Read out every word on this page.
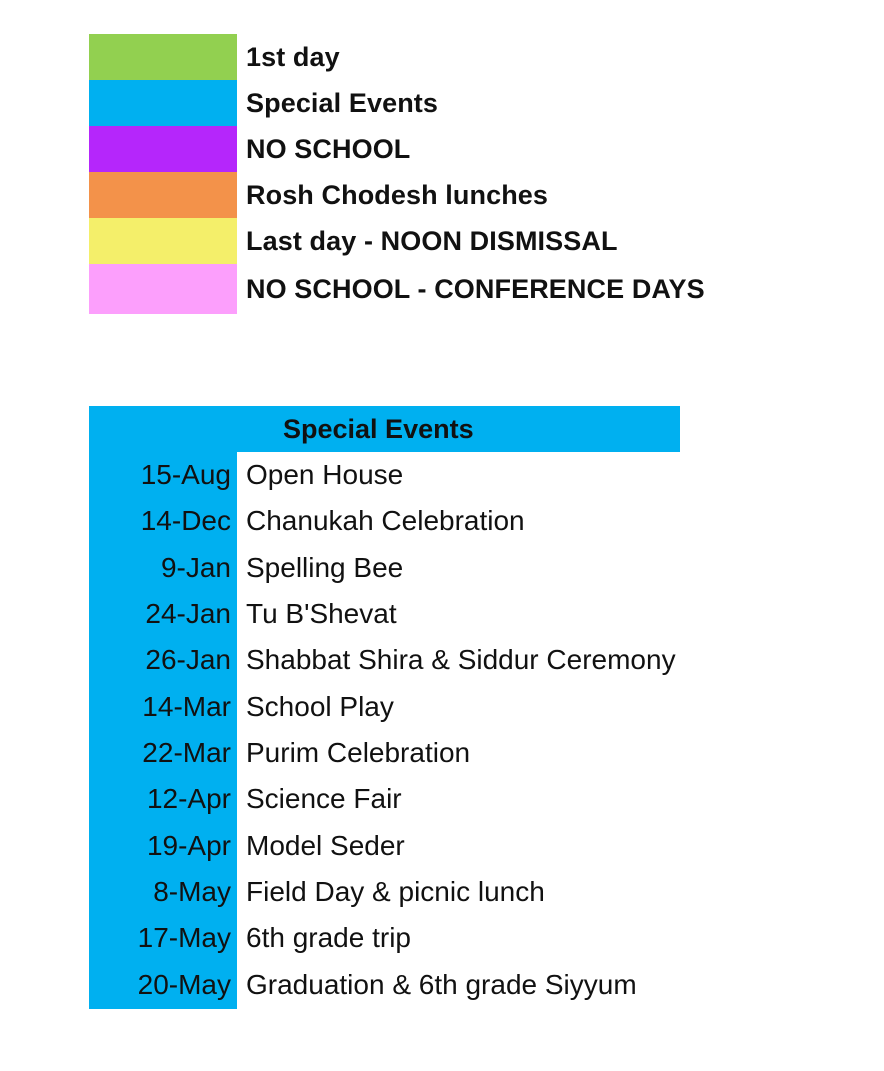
1st day
Special Events
NO SCHOOL
Rosh Chodesh lunches
Last day - NOON DISMISSAL
NO SCHOOL - CONFERENCE DAYS
Special Events
15-Aug Open House
14-Dec Chanukah Celebration
9-Jan Spelling Bee
24-Jan Tu B'Shevat
26-Jan Shabbat Shira & Siddur Ceremony
14-Mar School Play
22-Mar Purim Celebration
12-Apr Science Fair
19-Apr Model Seder
8-May Field Day & picnic lunch
17-May 6th grade trip
20-May Graduation & 6th grade Siyyum
